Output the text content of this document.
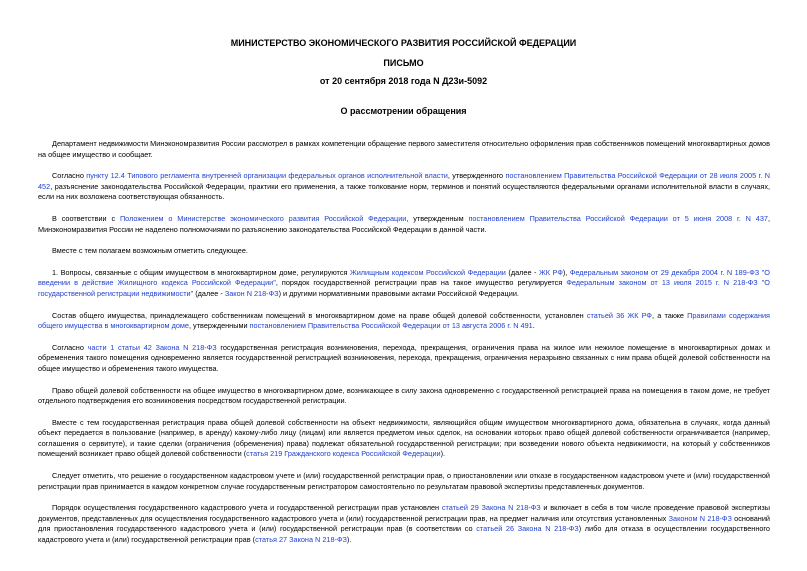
МИНИСТЕРСТВО ЭКОНОМИЧЕСКОГО РАЗВИТИЯ РОССИЙСКОЙ ФЕДЕРАЦИИ
ПИСЬМО
от 20 сентября 2018 года N Д23и-5092
О рассмотрении обращения

Департамент недвижимости Минэкономразвития России рассмотрел в рамках компетенции обращение первого заместителя относительно оформления прав собственников помещений многоквартирных домов на общее имущество и сообщает.

Согласно пункту 12.4 Типового регламента внутренней организации федеральных органов исполнительной власти, утвержденного постановлением Правительства Российской Федерации от 28 июля 2005 г. N 452, разъяснение законодательства Российской Федерации, практики его применения, а также толкование норм, терминов и понятий осуществляются федеральными органами исполнительной власти в случаях, если на них возложена соответствующая обязанность.

В соответствии с Положением о Министерстве экономического развития Российской Федерации, утвержденным постановлением Правительства Российской Федерации от 5 июня 2008 г. N 437, Минэкономразвития России не наделено полномочиями по разъяснению законодательства Российской Федерации в данной части.

Вместе с тем полагаем возможным отметить следующее.

1. Вопросы, связанные с общим имуществом в многоквартирном доме, регулируются Жилищным кодексом Российской Федерации (далее - ЖК РФ), Федеральным законом от 29 декабря 2004 г. N 189-ФЗ "О введении в действие Жилищного кодекса Российской Федерации", порядок государственной регистрации прав на такое имущество регулируется Федеральным законом от 13 июля 2015 г. N 218-ФЗ "О государственной регистрации недвижимости" (далее - Закон N 218-ФЗ) и другими нормативными правовыми актами Российской Федерации.

Состав общего имущества, принадлежащего собственникам помещений в многоквартирном доме на праве общей долевой собственности, установлен статьей 36 ЖК РФ, а также Правилами содержания общего имущества в многоквартирном доме, утвержденными постановлением Правительства Российской Федерации от 13 августа 2006 г. N 491.

Согласно части 1 статьи 42 Закона N 218-ФЗ государственная регистрация возникновения, перехода, прекращения, ограничения права на жилое или нежилое помещение в многоквартирных домах и обременения такого помещения одновременно является государственной регистрацией возникновения, перехода, прекращения, ограничения неразрывно связанных с ним права общей долевой собственности на общее имущество и обременения такого имущества.

Право общей долевой собственности на общее имущество в многоквартирном доме, возникающее в силу закона одновременно с государственной регистрацией права на помещения в таком доме, не требует отдельного подтверждения его возникновения посредством государственной регистрации.

Вместе с тем государственная регистрация права общей долевой собственности на объект недвижимости, являющийся общим имуществом многоквартирного дома, обязательна в случаях, когда данный объект передается в пользование (например, в аренду) какому-либо лицу (лицам) или является предметом иных сделок, на основании которых право общей долевой собственности ограничивается (например, соглашения о сервитуте), и такие сделки (ограничения (обременения) права) подлежат обязательной государственной регистрации; при возведении нового объекта недвижимости, на который у собственников помещений возникает право общей долевой собственности (статья 219 Гражданского кодекса Российской Федерации).

Следует отметить, что решение о государственном кадастровом учете и (или) государственной регистрации прав, о приостановлении или отказе в государственном кадастровом учете и (или) государственной регистрации прав принимается в каждом конкретном случае государственным регистратором самостоятельно по результатам правовой экспертизы представленных документов.

Порядок осуществления государственного кадастрового учета и государственной регистрации прав установлен статьей 29 Закона N 218-ФЗ и включает в себя в том числе проведение правовой экспертизы документов, представленных для осуществления государственного кадастрового учета и (или) государственной регистрации прав, на предмет наличия или отсутствия установленных Законом N 218-ФЗ оснований для приостановления государственного кадастрового учета и (или) государственной регистрации прав (в соответствии со статьей 26 Закона N 218-ФЗ) либо для отказа в осуществлении государственного кадастрового учета и (или) государственной регистрации прав (статья 27 Закона N 218-ФЗ).
